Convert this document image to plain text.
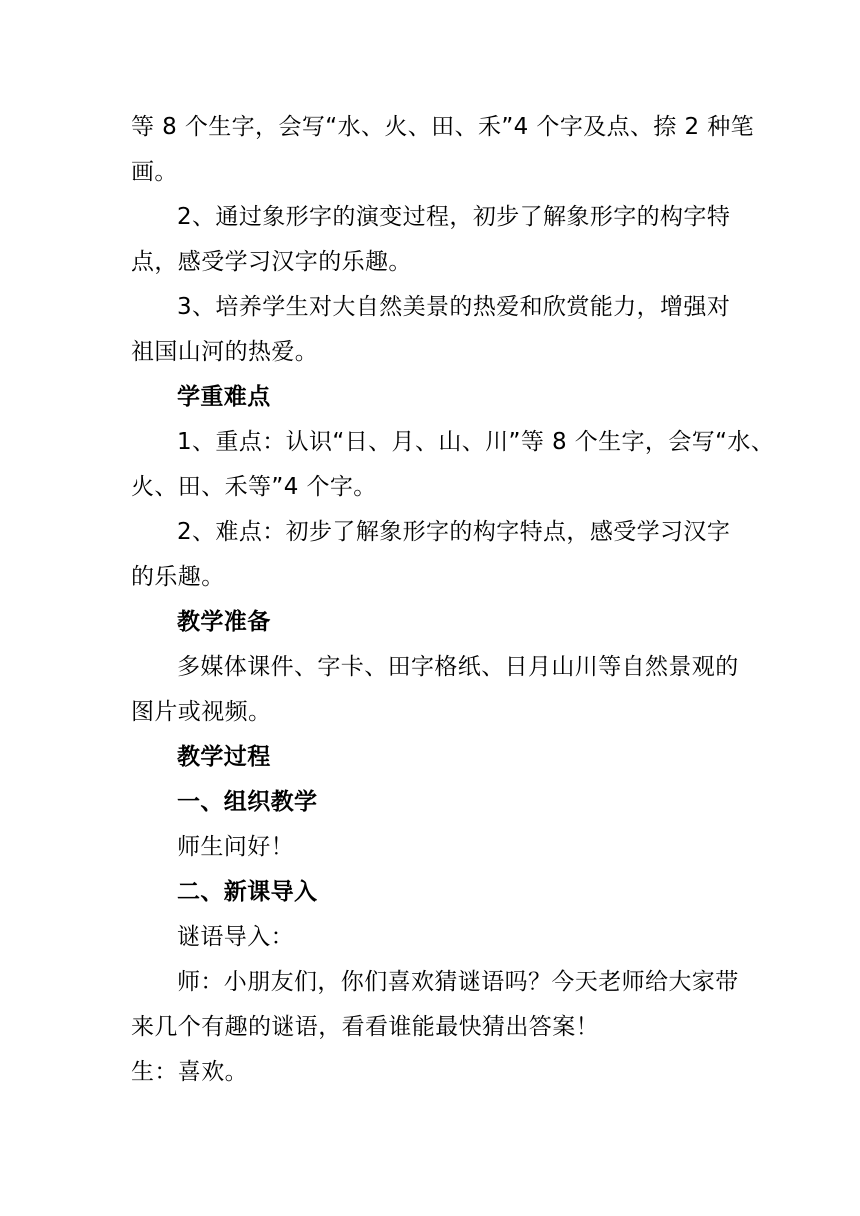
等 8 个生字，会写“水、火、田、禾”4 个字及点、捺 2 种笔
画。
2、通过象形字的演变过程，初步了解象形字的构字特
点，感受学习汉字的乐趣。
3、培养学生对大自然美景的热爱和欣赏能力，增强对
祖国山河的热爱。
学重难点
1、重点：认识“日、月、山、川”等 8 个生字，会写“水、
火、田、禾等”4 个字。
2、难点：初步了解象形字的构字特点，感受学习汉字
的乐趣。
教学准备
多媒体课件、字卡、田字格纸、日月山川等自然景观的
图片或视频。
教学过程
一、组织教学
师生问好！
二、新课导入
谜语导入：
师：小朋友们，你们喜欢猜谜语吗？今天老师给大家带
来几个有趣的谜语，看看谁能最快猜出答案！
生：喜欢。
